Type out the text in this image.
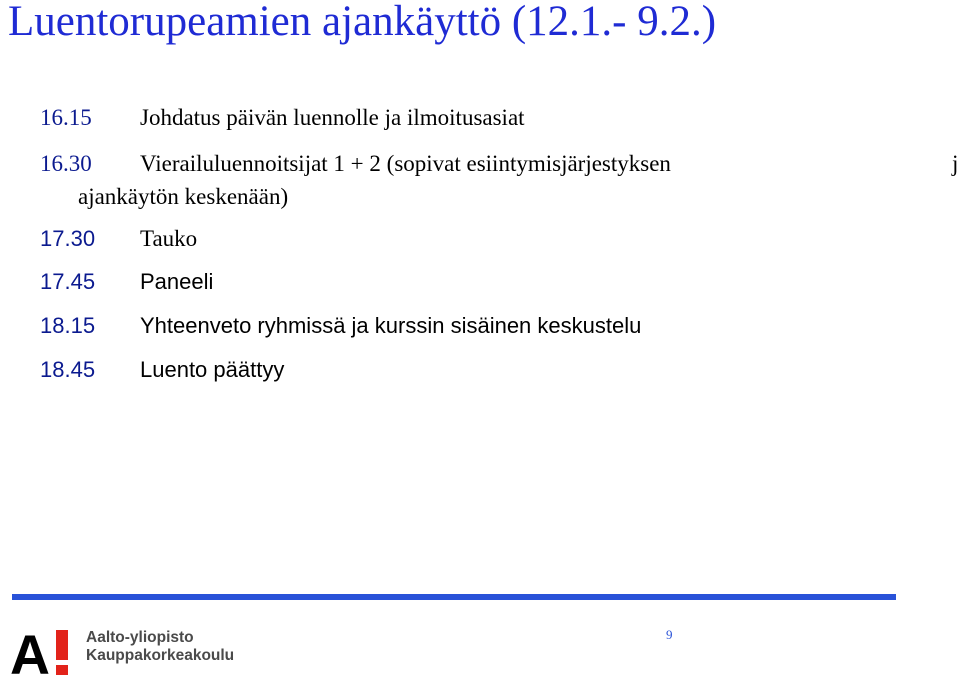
Luentorupeamien ajankäyttö (12.1.- 9.2.)
16.15 Johdatus päivän luennolle ja ilmoitusasiat
16.30 Vierailuluennoitsijat 1 + 2 (sopivat esiintymisjärjestyksen
ajankäytön keskenään)
j
17.30 Tauko
17.45 Paneeli
18.15 Yhteenveto ryhmissä ja kurssin sisäinen keskustelu
18.45 Luento päättyy
A Aalto-yliopisto
Kauppakorkeakoulu
9
